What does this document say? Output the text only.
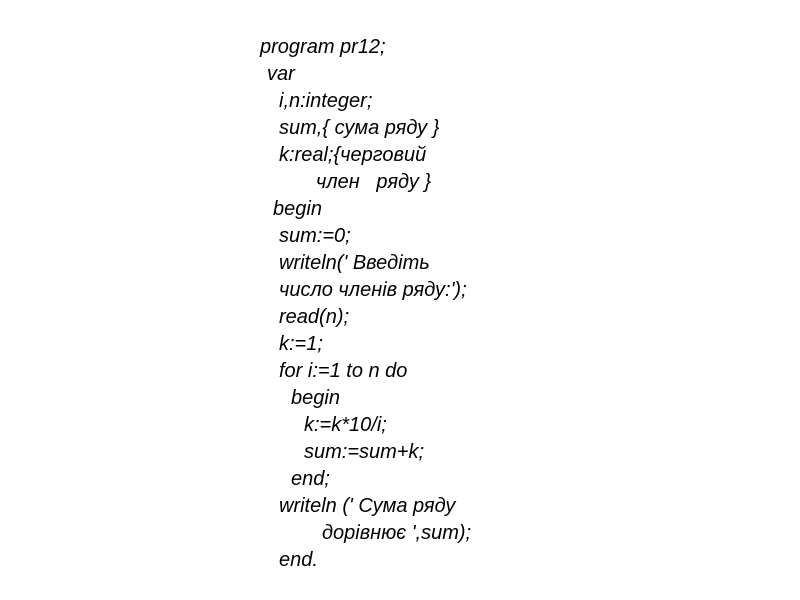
program pr12;
var
i,n:integer;
sum,{ сума ряду }
k:real;{черговий
член   ряду }
begin
sum:=0;
writeln(' Введіть
число членів ряду:');
read(n);
k:=1;
for i:=1 to n do
begin
k:=k*10/i;
sum:=sum+k;
end;
writeln (' Сума ряду
дорівнює ',sum);
end.
